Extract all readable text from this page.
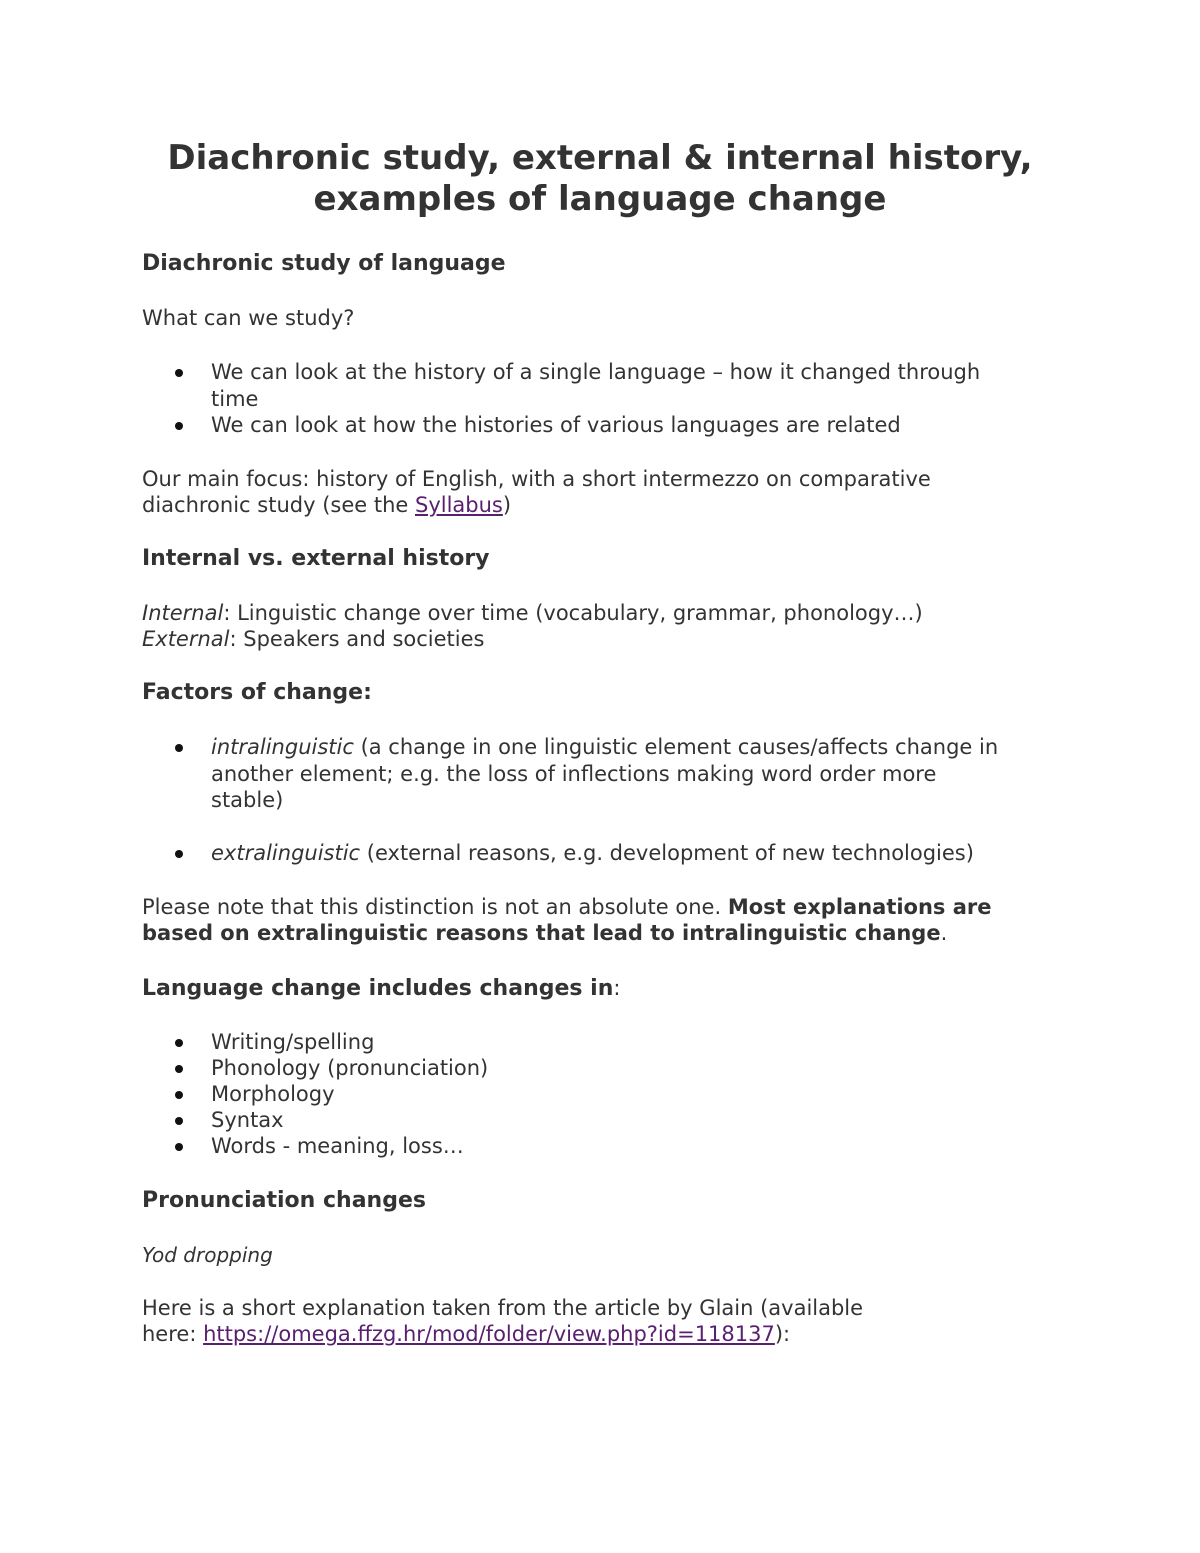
Diachronic study, external & internal history,
examples of language change
Diachronic study of language
What can we study?
We can look at the history of a single language – how it changed through
time
We can look at how the histories of various languages are related
Our main focus: history of English, with a short intermezzo on comparative
diachronic study (see the Syllabus)
Internal vs. external history
Internal: Linguistic change over time (vocabulary, grammar, phonology…)
External: Speakers and societies
Factors of change:
intralinguistic (a change in one linguistic element causes/affects change in
another element; e.g. the loss of inflections making word order more
stable)
extralinguistic (external reasons, e.g. development of new technologies)
Please note that this distinction is not an absolute one. Most explanations are
based on extralinguistic reasons that lead to intralinguistic change.
Language change includes changes in:
Writing/spelling
Phonology (pronunciation)
Morphology
Syntax
Words - meaning, loss…
Pronunciation changes
Yod dropping
Here is a short explanation taken from the article by Glain (available
here: https://omega.ffzg.hr/mod/folder/view.php?id=118137):
